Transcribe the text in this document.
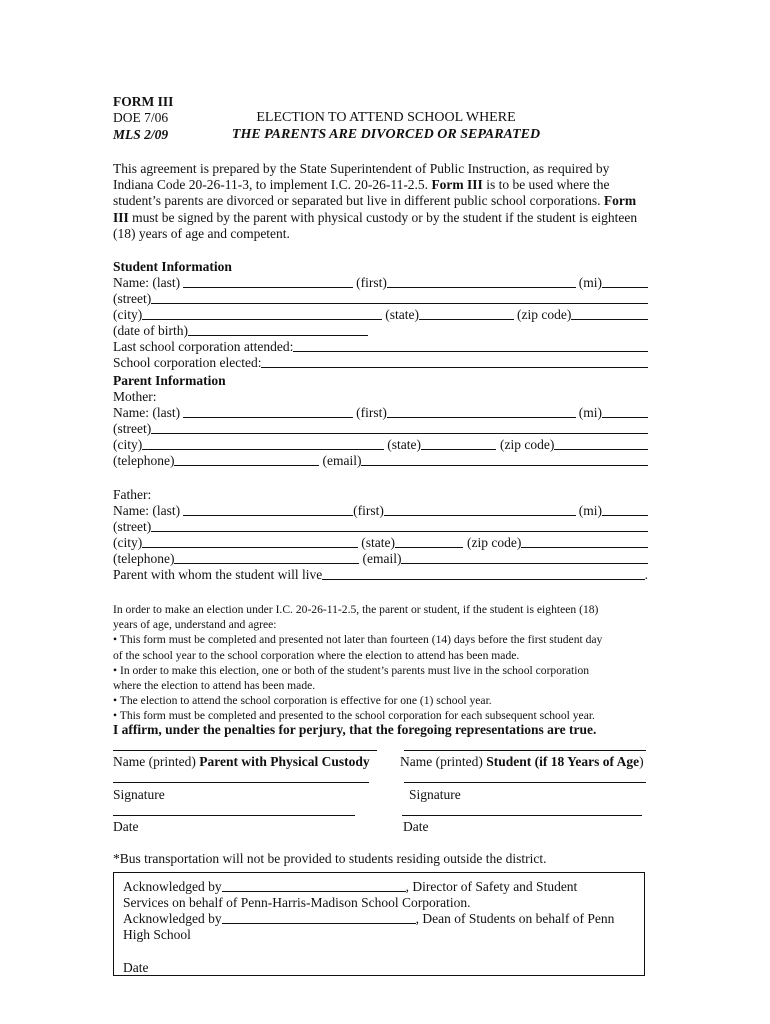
FORM III
DOE 7/06
MLS 2/09
ELECTION TO ATTEND SCHOOL WHERE
THE PARENTS ARE DIVORCED OR SEPARATED
This agreement is prepared by the State Superintendent of Public Instruction, as required by Indiana Code 20-26-11-3, to implement I.C. 20-26-11-2.5. Form III is to be used where the student’s parents are divorced or separated but live in different public school corporations. Form III must be signed by the parent with physical custody or by the student if the student is eighteen (18) years of age and competent.
Student Information
Name: (last)	(first)	(mi)
(street)
(city)	(state)	(zip code)
(date of birth)
Last school corporation attended:
School corporation elected:
Parent Information
Mother:
Name: (last)	(first)	(mi)
(street)
(city)	(state)	(zip code)
(telephone)	(email)
Father:
Name: (last)	(first)	(mi)
(street)
(city)	(state)	(zip code)
(telephone)	(email)
Parent with whom the student will live	.
In order to make an election under I.C. 20-26-11-2.5, the parent or student, if the student is eighteen (18)
years of age, understand and agree:
• This form must be completed and presented not later than fourteen (14) days before the first student day
of the school year to the school corporation where the election to attend has been made.
• In order to make this election, one or both of the student’s parents must live in the school corporation
where the election to attend has been made.
• The election to attend the school corporation is effective for one (1) school year.
• This form must be completed and presented to the school corporation for each subsequent school year.
I affirm, under the penalties for perjury, that the foregoing representations are true.
Name (printed) Parent with Physical Custody Name (printed) Student (if 18 Years of Age)
Signature	Signature
Date	Date
*Bus transportation will not be provided to students residing outside the district.
Acknowledged by	, Director of Safety and Student
Services on behalf of Penn-Harris-Madison School Corporation.
Acknowledged by	, Dean of Students on behalf of Penn
High School
Date
